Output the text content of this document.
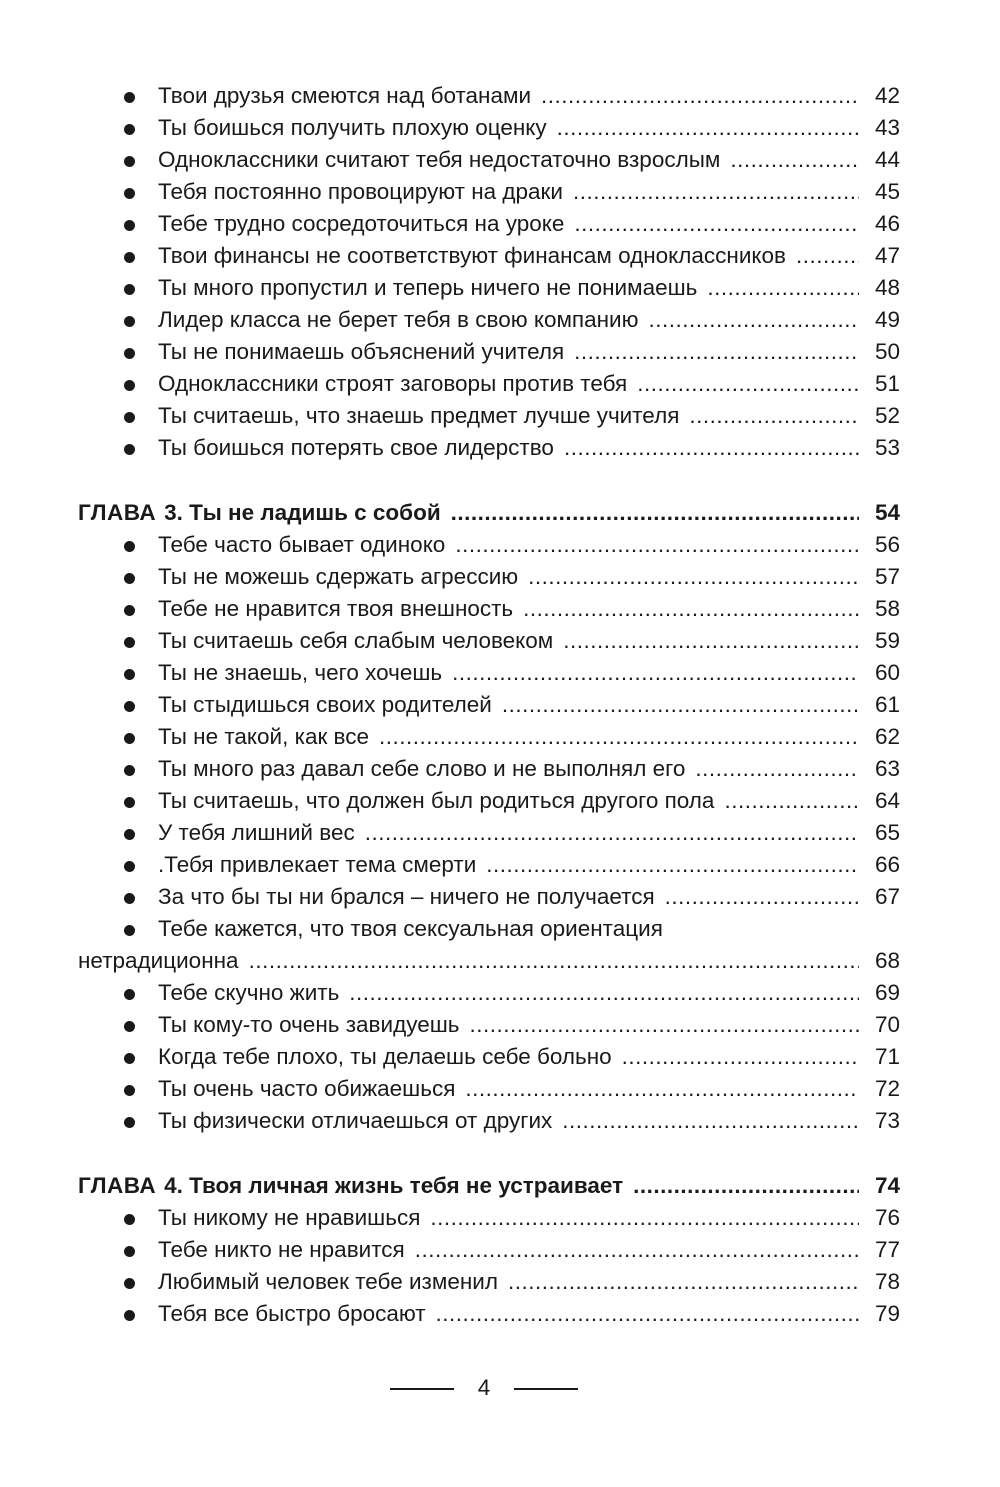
Твои друзья смеются над ботанами .....	42
Ты боишься получить плохую оценку .....	43
Одноклассники считают тебя недостаточно взрослым .....	44
Тебя постоянно провоцируют на драки .....	45
Тебе трудно сосредоточиться на уроке .....	46
Твои финансы не соответствуют финансам одноклассников .....	47
Ты много пропустил и теперь ничего не понимаешь .....	48
Лидер класса не берет тебя в свою компанию .....	49
Ты не понимаешь объяснений учителя .....	50
Одноклассники строят заговоры против тебя .....	51
Ты считаешь, что знаешь предмет лучше учителя .....	52
Ты боишься потерять свое лидерство .....	53
ГЛАВА 3. Ты не ладишь с собой .....	54
Тебе часто бывает одиноко .....	56
Ты не можешь сдержать агрессию .....	57
Тебе не нравится твоя внешность .....	58
Ты считаешь себя слабым человеком .....	59
Ты не знаешь, чего хочешь .....	60
Ты стыдишься своих родителей .....	61
Ты не такой, как все .....	62
Ты много раз давал себе слово и не выполнял его .....	63
Ты считаешь, что должен был родиться другого пола .....	64
У тебя лишний вес .....	65
.Тебя привлекает тема смерти .....	66
За что бы ты ни брался – ничего не получается .....	67
Тебе кажется, что твоя сексуальная ориентация
нетрадиционна .....	68
Тебе скучно жить .....	69
Ты кому-то очень завидуешь .....	70
Когда тебе плохо, ты делаешь себе больно .....	71
Ты очень часто обижаешься .....	72
Ты физически отличаешься от других .....	73
ГЛАВА 4. Твоя личная жизнь тебя не устраивает .....	74
Ты никому не нравишься .....	76
Тебе никто не нравится .....	77
Любимый человек тебе изменил .....	78
Тебя все быстро бросают .....	79
4
